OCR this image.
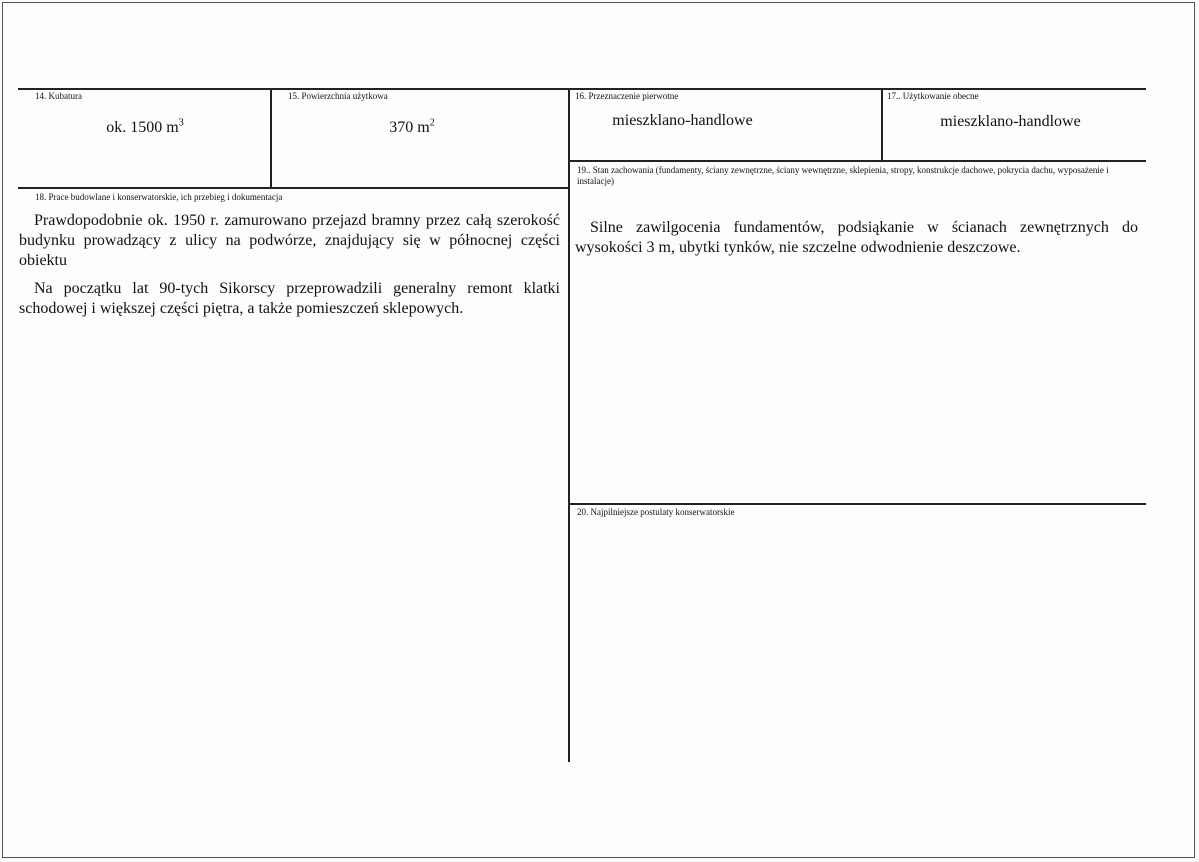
14. Kubatura
ok. 1500 $m^3$
15. Powierzchnia użytkowa
370 $m^2$
16. Przeznaczenie pierwotne
mieszklano-handlowe
17.. Użytkowanie obecne
mieszklano-handlowe
18. Prace budowlane i konserwatorskie, ich przebieg i dokumentacja

Prawdopodobnie ok. 1950 r. zamurowano przejazd bramny przez całą szerokość budynku prowadzący z ulicy na podwórze, znajdujący się w północnej części obiektu

Na początku lat 90-tych Sikorscy przeprowadzili generalny remont klatki schodowej i większej części piętra, a także pomieszczeń sklepowych.

19.. Stan zachowania (fundamenty, ściany zewnętrzne, ściany wewnętrzne, sklepienia, stropy, konstrukcje dachowe, pokrycia dachu, wyposażenie i instalacje)

Silne zawilgocenia fundamentów, podsiąkanie w ścianach zewnętrznych do wysokości 3 m, ubytki tynków, nie szczelne odwodnienie deszczowe.

20. Najpilniejsze postulaty konserwatorskie
